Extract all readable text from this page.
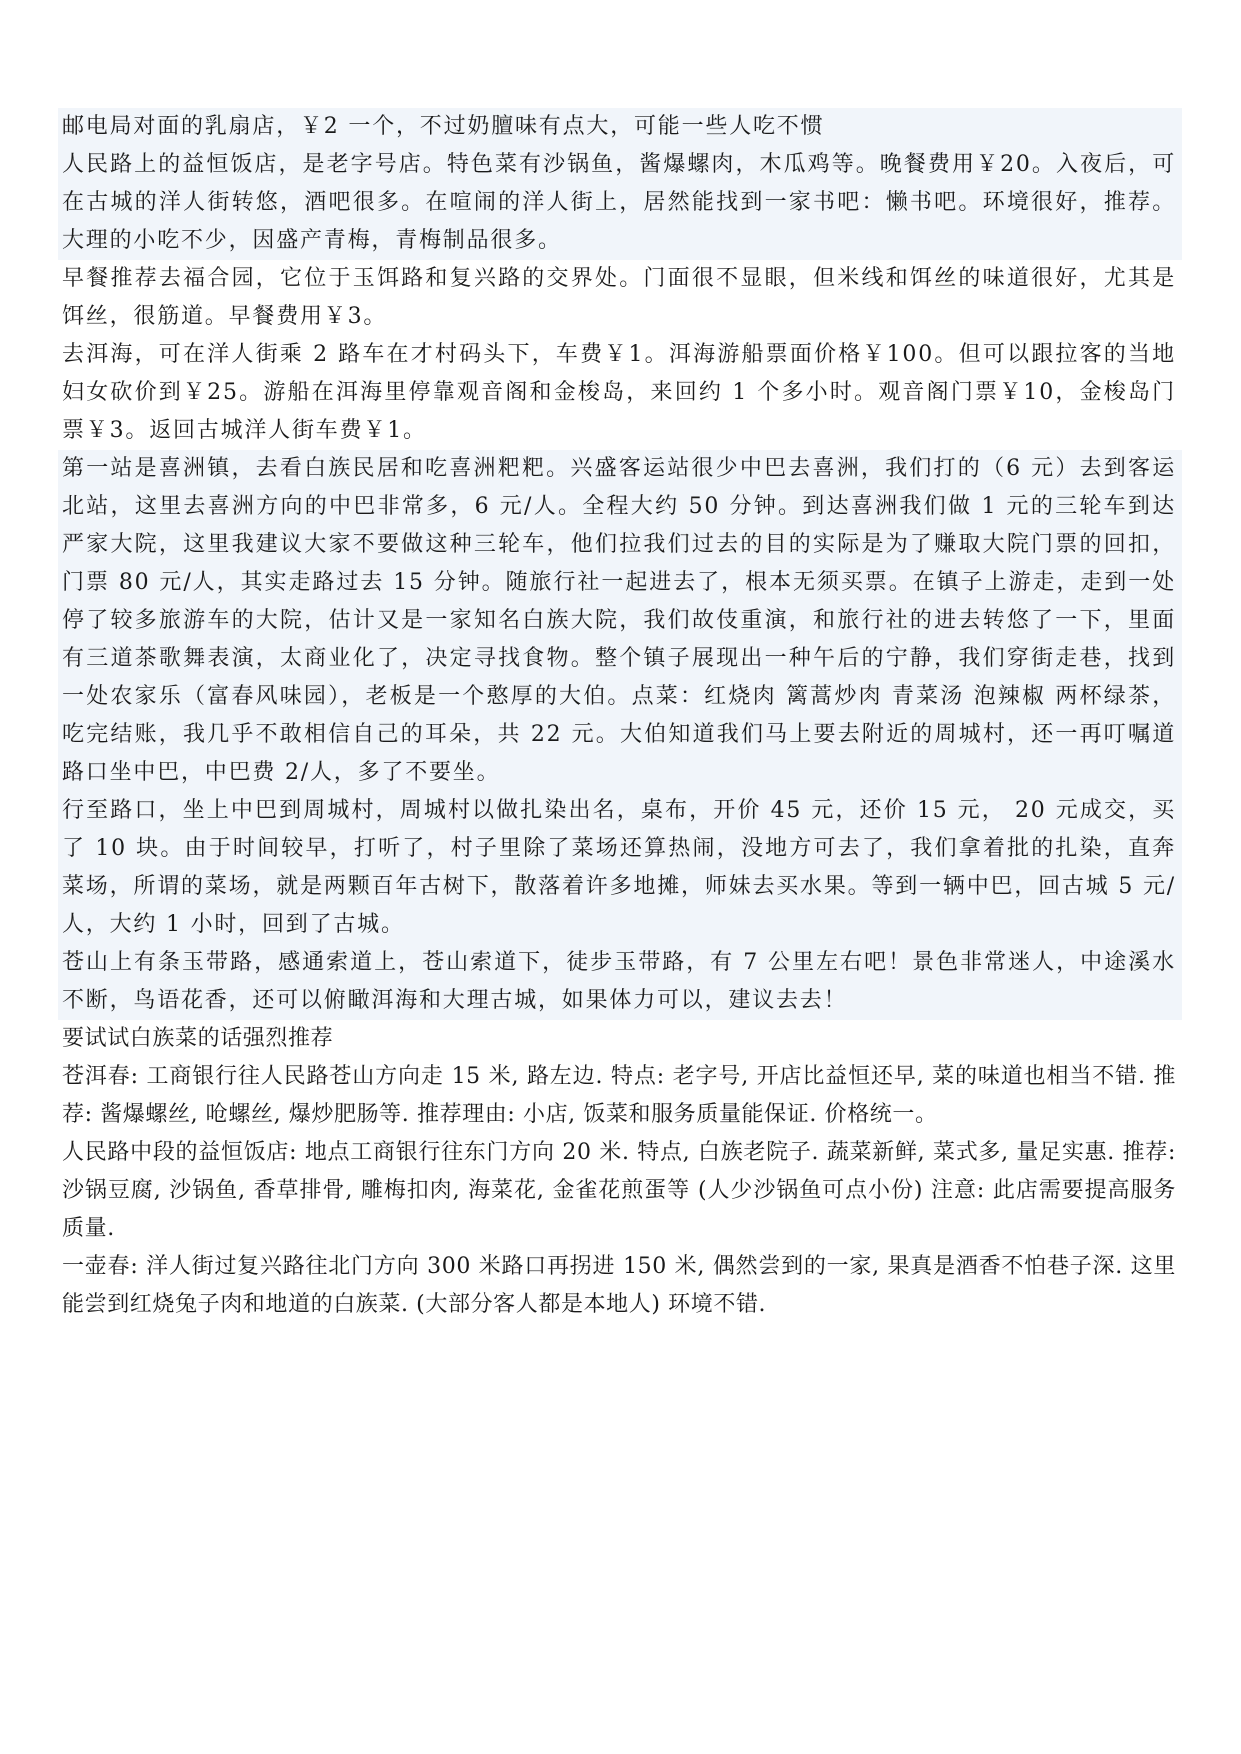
邮电局对面的乳扇店，￥2 一个，不过奶膻味有点大，可能一些人吃不惯

人民路上的益恒饭店，是老字号店。特色菜有沙锅鱼，酱爆螺肉，木瓜鸡等。晚餐费用￥20。入夜后，可在古城的洋人街转悠，酒吧很多。在喧闹的洋人街上，居然能找到一家书吧：懒书吧。环境很好，推荐。大理的小吃不少，因盛产青梅，青梅制品很多。

早餐推荐去福合园，它位于玉饵路和复兴路的交界处。门面很不显眼，但米线和饵丝的味道很好，尤其是饵丝，很筋道。早餐费用￥3。

去洱海，可在洋人街乘 2 路车在才村码头下，车费￥1。洱海游船票面价格￥100。但可以跟拉客的当地妇女砍价到￥25。游船在洱海里停靠观音阁和金梭岛，来回约 1 个多小时。观音阁门票￥10，金梭岛门票￥3。返回古城洋人街车费￥1。

第一站是喜洲镇，去看白族民居和吃喜洲粑粑。兴盛客运站很少中巴去喜洲，我们打的（6 元）去到客运北站，这里去喜洲方向的中巴非常多，6 元/人。全程大约 50 分钟。到达喜洲我们做 1 元的三轮车到达严家大院，这里我建议大家不要做这种三轮车，他们拉我们过去的目的实际是为了赚取大院门票的回扣，门票 80 元/人，其实走路过去 15 分钟。随旅行社一起进去了，根本无须买票。在镇子上游走，走到一处停了较多旅游车的大院，估计又是一家知名白族大院，我们故伎重演，和旅行社的进去转悠了一下，里面有三道茶歌舞表演，太商业化了，决定寻找食物。整个镇子展现出一种午后的宁静，我们穿街走巷，找到一处农家乐（富春风味园），老板是一个憨厚的大伯。点菜：红烧肉 篱蒿炒肉 青菜汤 泡辣椒 两杯绿茶，吃完结账，我几乎不敢相信自己的耳朵，共 22 元。大伯知道我们马上要去附近的周城村，还一再叮嘱道路口坐中巴，中巴费 2/人，多了不要坐。

行至路口，坐上中巴到周城村，周城村以做扎染出名，桌布，开价 45 元，还价 15 元， 20 元成交，买了 10 块。由于时间较早，打听了，村子里除了菜场还算热闹，没地方可去了，我们拿着批的扎染，直奔菜场，所谓的菜场，就是两颗百年古树下，散落着许多地摊，师妹去买水果。等到一辆中巴，回古城 5 元/人，大约 1 小时，回到了古城。

苍山上有条玉带路，感通索道上，苍山索道下，徒步玉带路，有 7 公里左右吧！景色非常迷人，中途溪水不断，鸟语花香，还可以俯瞰洱海和大理古城，如果体力可以，建议去去！

要试试白族菜的话强烈推荐

苍洱春: 工商银行往人民路苍山方向走 15 米, 路左边. 特点: 老字号, 开店比益恒还早, 菜的味道也相当不错. 推荐: 酱爆螺丝, 呛螺丝, 爆炒肥肠等. 推荐理由: 小店, 饭菜和服务质量能保证. 价格统一。

人民路中段的益恒饭店: 地点工商银行往东门方向 20 米. 特点, 白族老院子. 蔬菜新鲜, 菜式多, 量足实惠. 推荐: 沙锅豆腐, 沙锅鱼, 香草排骨, 雕梅扣肉, 海菜花, 金雀花煎蛋等 (人少沙锅鱼可点小份) 注意: 此店需要提高服务质量.

一壶春: 洋人街过复兴路往北门方向 300 米路口再拐进 150 米, 偶然尝到的一家, 果真是酒香不怕巷子深. 这里能尝到红烧兔子肉和地道的白族菜. (大部分客人都是本地人) 环境不错.
